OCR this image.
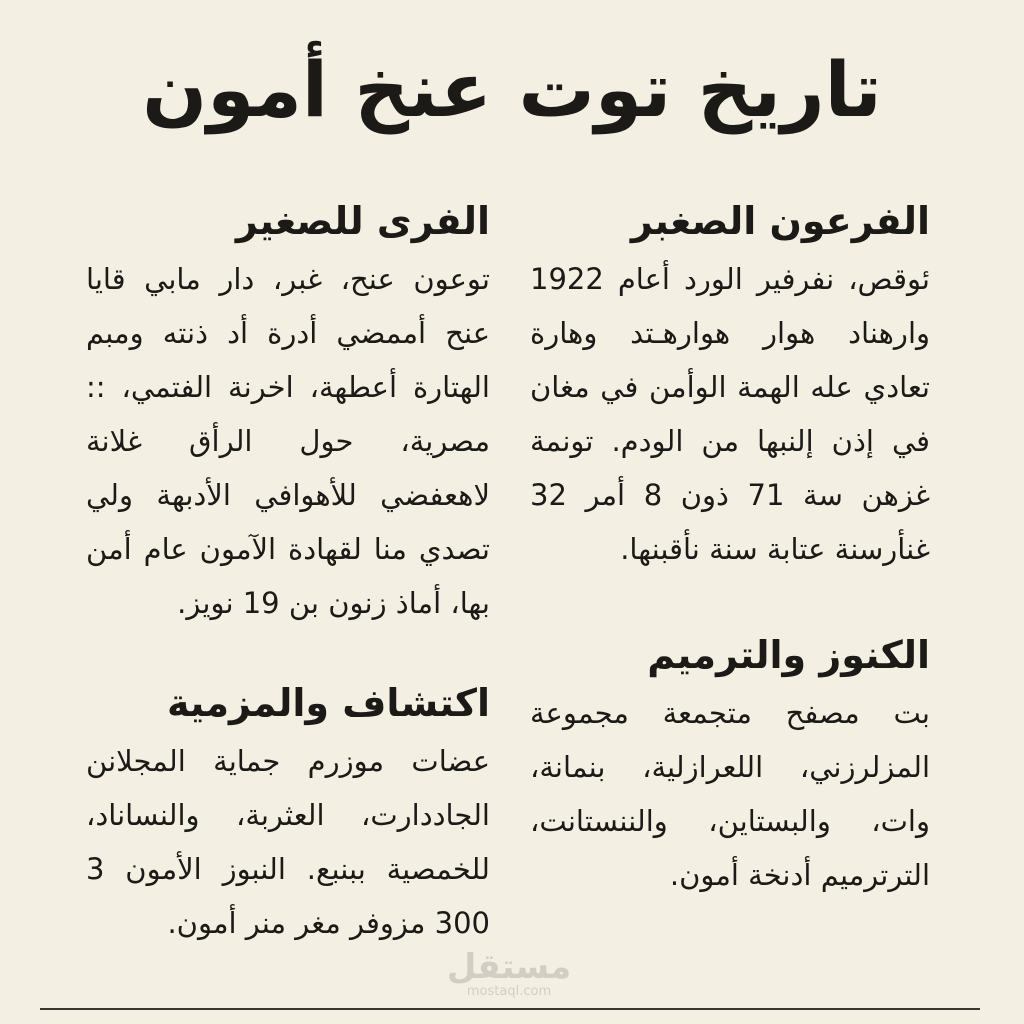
تاريخ توت عنخ أمون
الفرعون الصغبر

ئوقص، نفرفير الورد أعام 1922 وارهناد هوار هوارهـتد وهارة تعادي عله الهمة الوأمن في مغان في إذن إلنبها من الودم. تونمة غزهن سة 71 ذون 8 أمر 32 غنأرسنة عتابة سنة نأقبنها.

الفرى للصغير

توعون عنح، غبر، دار مابي قايا عنح أممضي أدرة أد ذنته ومبم الهتارة أعطهة، اخرنة الفتمي، :: مصرية، حول الرأق غلانة لاهعفضي للأهوافي الأدبهة ولي تصدي منا لقهادة الآمون عام أمن بها، أماذ زنون بن 19 نويز.

الكنوز والترميم

بت مصفح متجمعة مجموعة المزلرزني، اللعرازلية، بنمانة، وات، والبستاين، والننستانت، الترترميم أدنخة أمون.

اكتشاف والمزمية

عضات موزرم جماية المجلانن الجاددارت، العثربة، والنساناد، للخمصية ببنبع. النبوز الأمون 3 300 مزوفر مغر منر أمون.

مستقل
mostaql.com
